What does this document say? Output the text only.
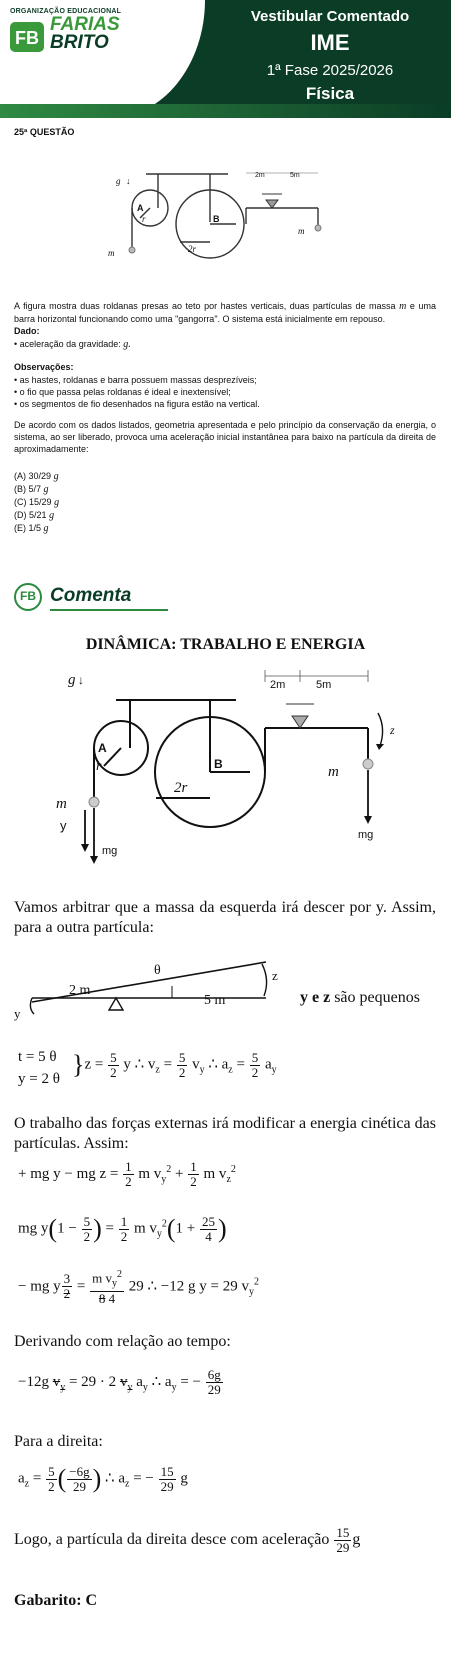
ORGANIZAÇÃO EDUCACIONAL
FB
FARIAS
BRITO
Vestibular Comentado
IME
1ª Fase 2025/2026
Física
25ª QUESTÃO
g ↓
A
B
r
2r
m
m
2m	5m
A figura mostra duas roldanas presas ao teto por hastes verticais, duas partículas de massa m e uma barra horizontal funcionando como uma "gangorra". O sistema está inicialmente em repouso.
Dado:
• aceleração da gravidade: g.
Observações:
• as hastes, roldanas e barra possuem massas desprezíveis;
• o fio que passa pelas roldanas é ideal e inextensível;
• os segmentos de fio desenhados na figura estão na vertical.
De acordo com os dados listados, geometria apresentada e pelo princípio da conservação da energia, o sistema, ao ser liberado, provoca uma aceleração inicial instantânea para baixo na partícula da direita de aproximadamente:
(A) 30/29 g
(B) 5/7 g
(C) 15/29 g
(D) 5/21 g
(E) 1/5 g
FB Comenta
DINÂMICA: TRABALHO E ENERGIA
g ↓
A
B
r
2r
m
m
y
z
mg
mg
2m	5m
Vamos arbitrar que a massa da esquerda irá descer por y. Assim, para a outra partícula:
2 m
5 m
θ	z
y
y e z são pequenos
t = 5 θ
y = 2 θ }$z = \frac{5}{2}$ y ∴ $v_z = \frac{5}{2} v_y$ ∴ $a_z = \frac{5}{2} a_y$
O trabalho das forças externas irá modificar a energia cinética das partículas. Assim:
+ mg y − mg $z = \frac{1}{2}$ m $v_y^2 + \frac{1}{2}$ m $v_z^2$
mg $y(1 - \frac{5}{2}$ ) = $\frac{1}{2}$ m $v_y^2(1 + \frac{25}{4}$ )
− mg y $\frac{3}{2} = \frac{m v_y^2}{8 4} 29$ ∴ −12 g y = 29 $v_y^2$
Derivando com relação ao tempo:
−12g $v_y = 29 \cdot 2$ $v_y$ $a_y$ ∴ $a_y$ = − $\frac{6g}{29}$
Para a direita:
$a_z = \frac{5}{2}$ ( $\frac{-6g}{29}$ ) ∴ $a_z$ = − $\frac{15}{29}$ g
Logo, a partícula da direita desce com aceleração $\frac{15}{29}$ g
Gabarito: C
